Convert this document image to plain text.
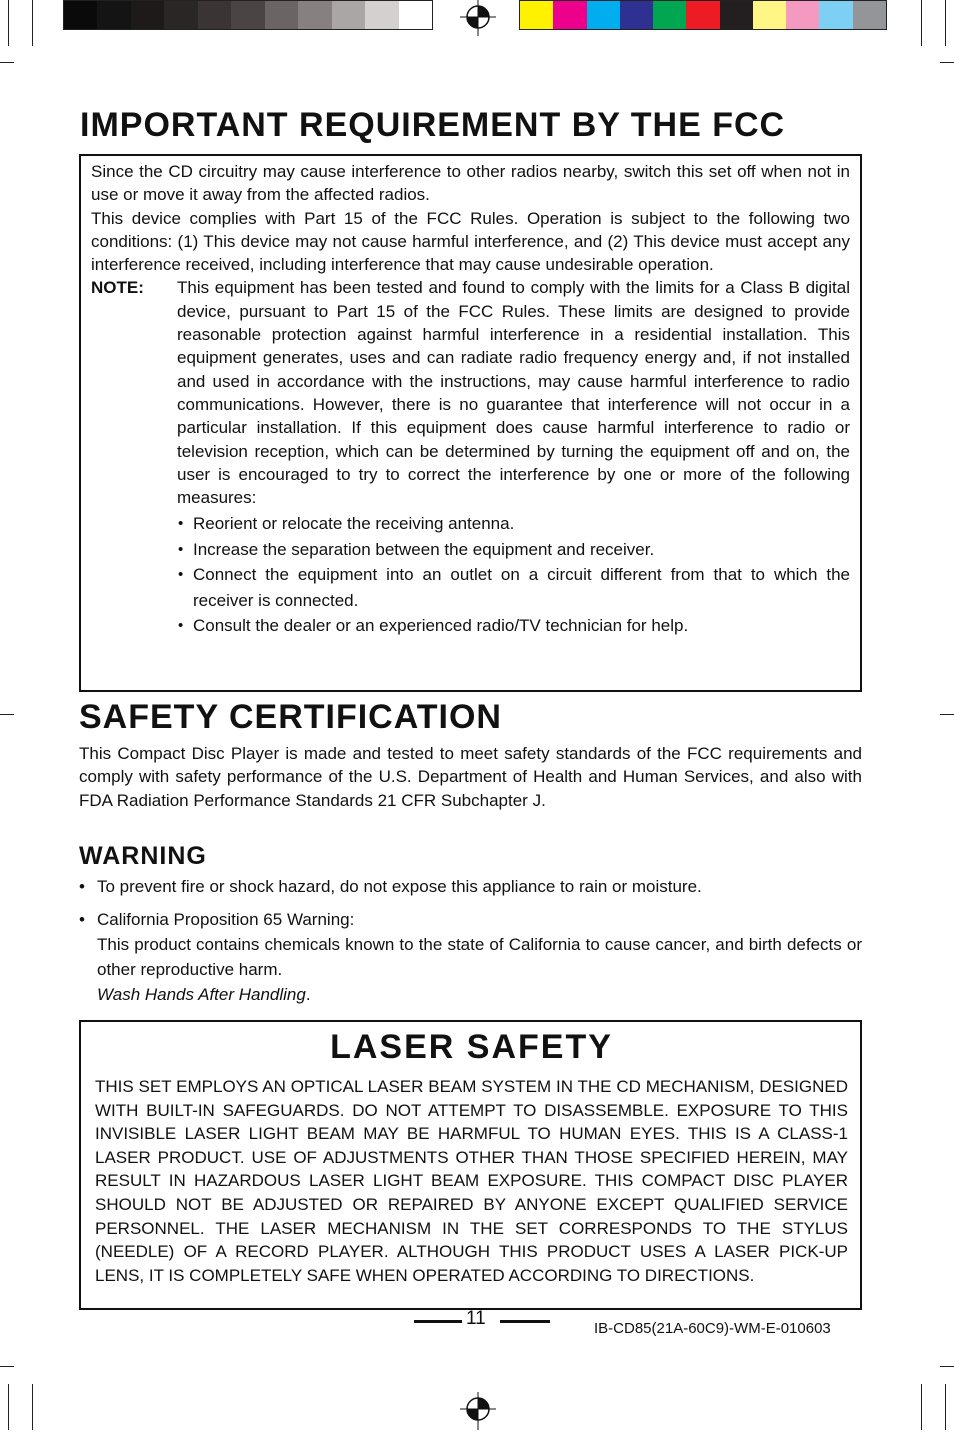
IMPORTANT REQUIREMENT BY THE FCC

Since the CD circuitry may cause interference to other radios nearby, switch this set off when not in use or move it away from the affected radios.

This device complies with Part 15 of the FCC Rules. Operation is subject to the following two conditions: (1) This device may not cause harmful interference, and (2) This device must accept any interference received, including interference that may cause undesirable operation.

NOTE:	This equipment has been tested and found to comply with the limits for a Class B digital device, pursuant to Part 15 of the FCC Rules. These limits are designed to provide reasonable protection against harmful interference in a residential installation. This equipment generates, uses and can radiate radio frequency energy and, if not installed and used in accordance with the instructions, may cause harmful interference to radio communications. However, there is no guarantee that interference will not occur in a particular installation. If this equipment does cause harmful interference to radio or television reception, which can be determined by turning the equipment off and on, the user is encouraged to try to correct the interference by one or more of the following measures:

• Reorient or relocate the receiving antenna.
• Increase the separation between the equipment and receiver.
• Connect the equipment into an outlet on a circuit different from that to which the receiver is connected.
• Consult the dealer or an experienced radio/TV technician for help.
SAFETY CERTIFICATION

This Compact Disc Player is made and tested to meet safety standards of the FCC requirements and comply with safety performance of the U.S. Department of Health and Human Services, and also with FDA Radiation Performance Standards 21 CFR Subchapter J.

WARNING
• To prevent fire or shock hazard, do not expose this appliance to rain or moisture.
• California Proposition 65 Warning:
This product contains chemicals known to the state of California to cause cancer, and birth defects or other reproductive harm.
Wash Hands After Handling.
LASER SAFETY

THIS SET EMPLOYS AN OPTICAL LASER BEAM SYSTEM IN THE CD MECHANISM, DESIGNED WITH BUILT-IN SAFEGUARDS. DO NOT ATTEMPT TO DISASSEMBLE. EXPOSURE TO THIS INVISIBLE LASER LIGHT BEAM MAY BE HARMFUL TO HUMAN EYES. THIS IS A CLASS-1 LASER PRODUCT. USE OF ADJUSTMENTS OTHER THAN THOSE SPECIFIED HEREIN, MAY RESULT IN HAZARDOUS LASER LIGHT BEAM EXPOSURE. THIS COMPACT DISC PLAYER SHOULD NOT BE ADJUSTED OR REPAIRED BY ANYONE EXCEPT QUALIFIED SERVICE PERSONNEL. THE LASER MECHANISM IN THE SET CORRESPONDS TO THE STYLUS (NEEDLE) OF A RECORD PLAYER. ALTHOUGH THIS PRODUCT USES A LASER PICK-UP LENS, IT IS COMPLETELY SAFE WHEN OPERATED ACCORDING TO DIRECTIONS.

11	IB-CD85(21A-60C9)-WM-E-010603
